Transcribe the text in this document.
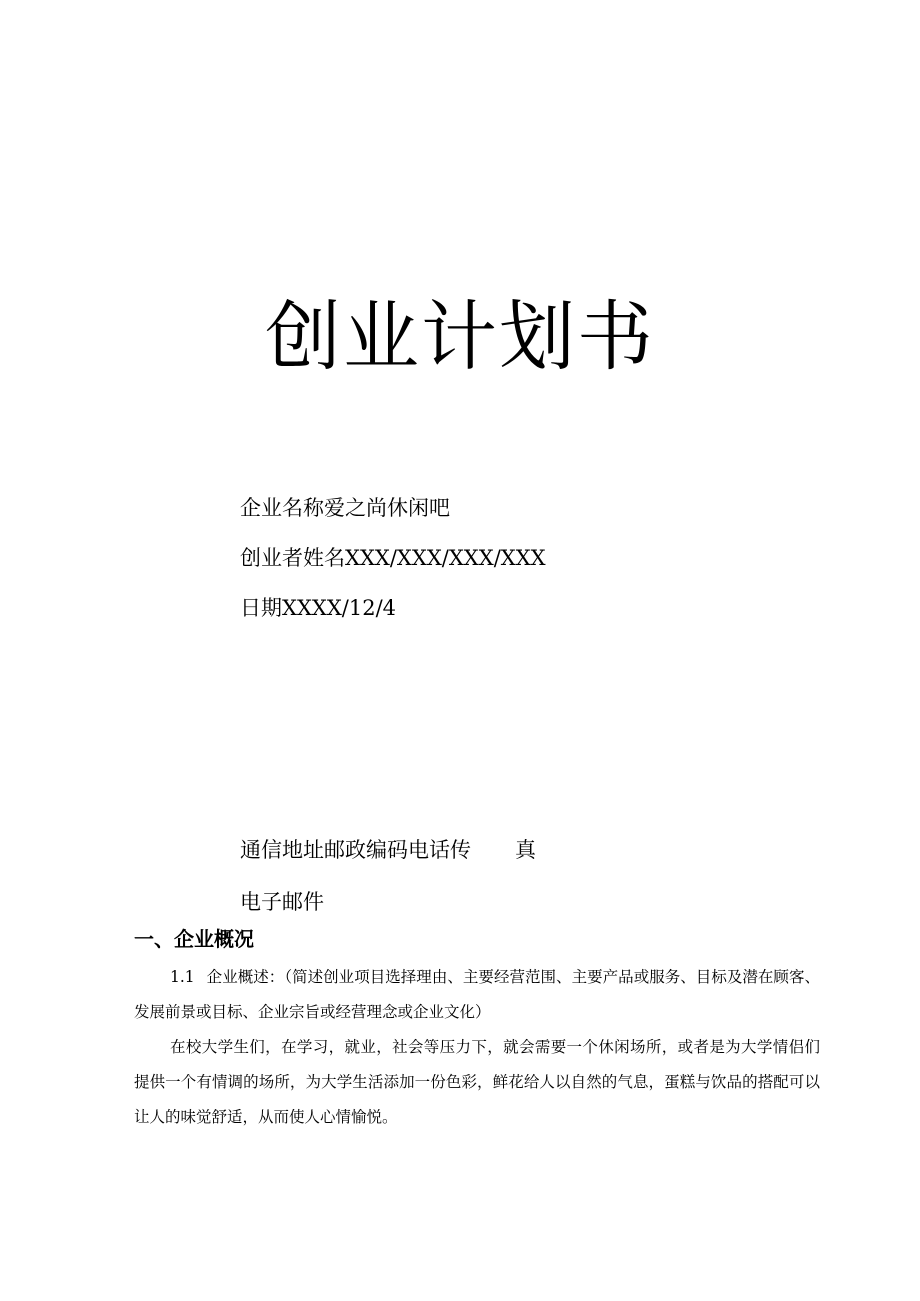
创业计划书
企业名称爱之尚休闲吧
创业者姓名XXX/XXX/XXX/XXX
日期XXXX/12/4
通信地址邮政编码电话传 真
电子邮件
一、企业概况

1.1 企业概述：（简述创业项目选择理由、主要经营范围、主要产品或服务、目标及潜在顾客、发展前景或目标、企业宗旨或经营理念或企业文化）

在校大学生们，在学习，就业，社会等压力下，就会需要一个休闲场所，或者是为大学情侣们提供一个有情调的场所，为大学生活添加一份色彩，鲜花给人以自然的气息，蛋糕与饮品的搭配可以让人的味觉舒适，从而使人心情愉悦。
